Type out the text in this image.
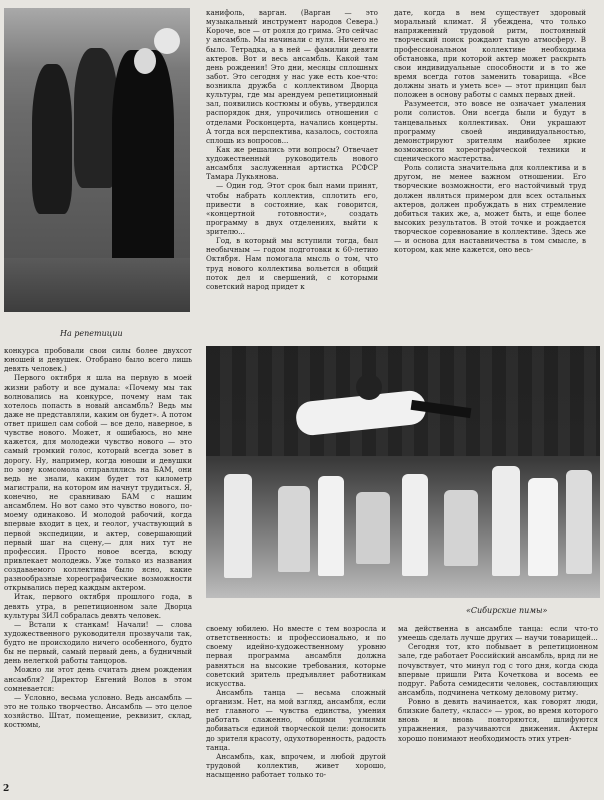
На репетиции

канифоль, варган. (Варган — это музыкальный инструмент народов Севера.) Короче, все — от рояля до грима. Это сейчас у ансамбль. Мы начинали с нуля. Ничего не было. Тетрадка, а в ней — фамилии девяти актеров. Вот и весь ансамбль. Какой там день рождения! Это дни, месяцы сплошных забот. Это сегодня у нас уже есть кое-что: возникла дружба с коллективом Дворца культуры, где мы арендуем репетиционный зал, появились костюмы и обувь, утвердился распорядок дня, упрочились отношения с отделами Росконцерта, начались концерты. А тогда вся перспектива, казалось, состояла сплошь из вопросов...

Как же решались эти вопросы? Отвечает художественный руководитель нового ансамбля заслуженная артистка РСФСР Тамара Лукьянова.

— Один год. Этот срок был нами принят, чтобы набрать коллектив, сплотить его, привести в состояние, как говорится, «концертной готовности», создать программу в двух отделениях, выйти к зрителю...

Год, в который мы вступили тогда, был необычным — годом подготовки к 60-летию Октября. Нам помогала мысль о том, что труд нового коллектива вольется в общий поток дел и свершений, с которыми советский народ придет к

дате, когда в нем существует здоровый моральный климат. Я убеждена, что только напряженный трудовой ритм, постоянный творческий поиск рождают такую атмосферу. В профессиональном коллективе необходима обстановка, при которой актер может раскрыть свои индивидуальные способности и в то же время всегда готов заменить товарища. «Все должны знать и уметь все» — этот принцип был положен в основу работы с самых первых дней.

Разумеется, это вовсе не означает умаления роли солистов. Они всегда были и будут в танцевальных коллективах. Они украшают программу своей индивидуальностью, демонстрируют зрителям наиболее яркие возможности хореографической техники и сценического мастерства.

Роль солиста значительна для коллектива и в другом, не менее важном отношении. Его творческие возможности, его настойчивый труд должен являться примером для всех остальных актеров, должен пробуждать в них стремление добиться таких же, а, может быть, и еще более высоких результатов. В этой точке и рождается творческое соревнование в коллективе. Здесь же — и основа для наставничества в том смысле, в котором, как мне кажется, оно весь-

конкурса пробовали свои силы более двухсот юношей и девушек. Отобрано было всего лишь девять человек.)

Первого октября я шла на первую в моей жизни работу и все думала: «Почему мы так волновались на конкурсе, почему нам так хотелось попасть в новый ансамбль? Ведь мы даже не представляли, каким он будет». А потом ответ пришел сам собой — все дело, наверное, в чувстве нового. Может, я ошибаюсь, но мне кажется, для молодежи чувство нового — это самый громкий голос, который всегда зовет в дорогу. Ну, например, когда юноши и девушки по зову комсомола отправлялись на БАМ, они ведь не знали, каким будет тот километр магистрали, на котором им начнут трудиться. Я, конечно, не сравниваю БАМ с нашим ансамблем. Но вот само это чувство нового, по-моему одинаково. И молодой рабочий, когда впервые входит в цех, и геолог, участвующий в первой экспедиции, и актер, совершающий первый шаг на сцену,— для них тут не профессия. Просто новое всегда, всюду привлекает молодежь. Уже только из названия создаваемого коллектива было ясно, какие разнообразные хореографические возможности открывались перед каждым актером.

Итак, первого октября прошлого года, в девять утра, в репетиционном зале Дворца культуры ЗИЛ собралась девять человек.

— Встали к станкам! Начали! — слова художественного руководителя прозвучали так, будто не происходило ничего особенного, будто бы не первый, самый первый день, а будничный день нелегкой работы танцоров.

Можно ли этот день считать днем рождения ансамбля? Директор Евгений Волов в этом сомневается:

— Условно, весьма условно. Ведь ансамбль — это не только творчество. Ансамбль — это целое хозяйство. Штат, помещение, реквизит, склад, костюмы,

«Сибирские пимы»

своему юбилею. Но вместе с тем возросла и ответственность: и профессионально, и по своему идейно-художественному уровню первая программа ансамбля должна равняться на высокие требования, которые советский зритель предъявляет работникам искусства.

Ансамбль танца — весьма сложный организм. Нет, на мой взгляд, ансамбля, если нет главного — чувства единства, умения работать слаженно, общими усилиями добиваться единой творческой цели: доносить до зрителя красоту, одухотворенность, радость танца.

Ансамбль, как, впрочем, и любой другой трудовой коллектив, живет хорошо, насыщенно работает только то-

ма действенна в ансамбле танца: если что-то умеешь сделать лучше других — научи товарищей...

Сегодня тот, кто побывает в репетиционном зале, где работает Российский ансамбль, вряд ли не почувствует, что минул год с того дня, когда сюда впервые пришли Рита Кочеткова и восемь ее подруг. Работа семидесяти человек, составляющих ансамбль, подчинена четкому деловому ритму.

Ровно в девять начинается, как говорят люди, близкие балету, «класс» — урок, во время которого вновь и вновь повторяются, шлифуются упражнения, разучиваются движения. Актеры хорошо понимают необходимость этих утрен-

2
